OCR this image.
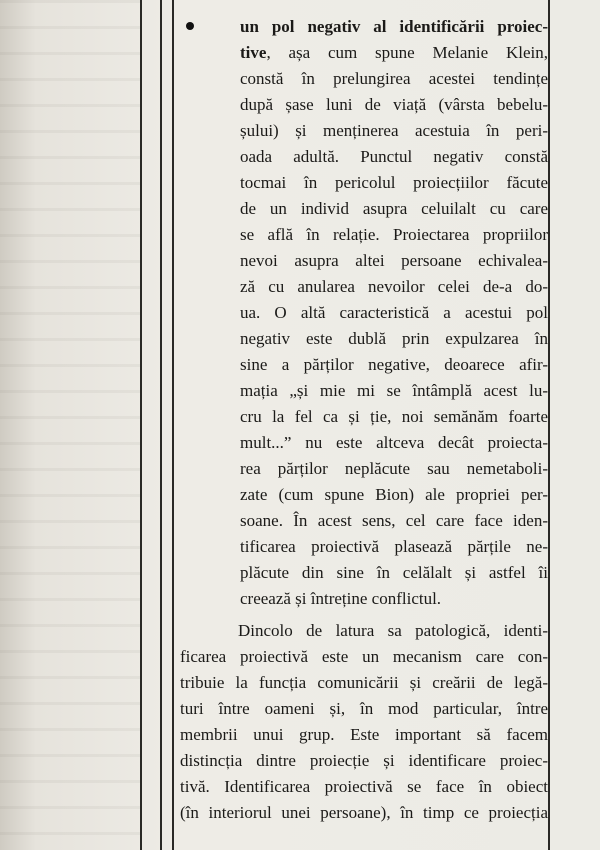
un pol negativ al identificării proiec-
tive, așa cum spune Melanie Klein,
constă în prelungirea acestei tendințe
după șase luni de viață (vârsta bebelu-
șului) și menținerea acestuia în peri-
oada adultă. Punctul negativ constă
tocmai în pericolul proiecțiilor făcute
de un individ asupra celuilalt cu care
se află în relație. Proiectarea propriilor
nevoi asupra altei persoane echivalea-
ză cu anularea nevoilor celei de-a do-
ua. O altă caracteristică a acestui pol
negativ este dublă prin expulzarea în
sine a părților negative, deoarece afir-
mația „și mie mi se întâmplă acest lu-
cru la fel ca și ție, noi semănăm foarte
mult...” nu este altceva decât proiecta-
rea părților neplăcute sau nemetaboli-
zate (cum spune Bion) ale propriei per-
soane. În acest sens, cel care face iden-
tificarea proiectivă plasează părțile ne-
plăcute din sine în celălalt și astfel îi
creează și întreține conflictul.
Dincolo de latura sa patologică, identi-
ficarea proiectivă este un mecanism care con-
tribuie la funcția comunicării și creării de legă-
turi între oameni și, în mod particular, între
membrii unui grup. Este important să facem
distincția dintre proiecție și identificare proiec-
tivă. Identificarea proiectivă se face în obiect
(în interiorul unei persoane), în timp ce proiecția
